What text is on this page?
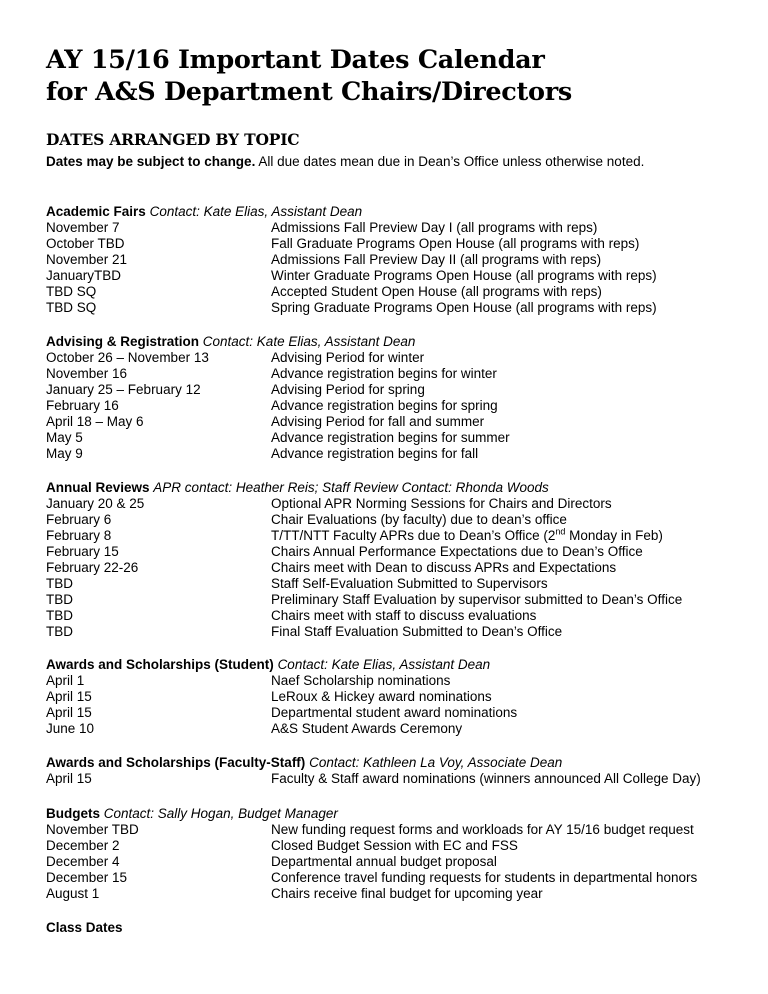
AY 15/16 Important Dates Calendar
for A&S Department Chairs/Directors
DATES ARRANGED BY TOPIC
Dates may be subject to change. All due dates mean due in Dean’s Office unless otherwise noted.
Academic Fairs Contact: Kate Elias, Assistant Dean
November 7	Admissions Fall Preview Day I (all programs with reps)
October TBD	Fall Graduate Programs Open House (all programs with reps)
November 21	Admissions Fall Preview Day II (all programs with reps)
JanuaryTBD	Winter Graduate Programs Open House (all programs with reps)
TBD SQ	Accepted Student Open House (all programs with reps)
TBD SQ	Spring Graduate Programs Open House (all programs with reps)
Advising & Registration Contact: Kate Elias, Assistant Dean
October 26 – November 13	Advising Period for winter
November 16	Advance registration begins for winter
January 25 – February 12	Advising Period for spring
February 16	Advance registration begins for spring
April 18 – May 6	Advising Period for fall and summer
May 5	Advance registration begins for summer
May 9	Advance registration begins for fall
Annual Reviews APR contact: Heather Reis; Staff Review Contact: Rhonda Woods
January 20 & 25	Optional APR Norming Sessions for Chairs and Directors
February 6	Chair Evaluations (by faculty) due to dean’s office
February 8	T/TT/NTT Faculty APRs due to Dean’s Office (2nd Monday in Feb)
February 15	Chairs Annual Performance Expectations due to Dean’s Office
February 22-26	Chairs meet with Dean to discuss APRs and Expectations
TBD	Staff Self-Evaluation Submitted to Supervisors
TBD	Preliminary Staff Evaluation by supervisor submitted to Dean’s Office
TBD	Chairs meet with staff to discuss evaluations
TBD	Final Staff Evaluation Submitted to Dean’s Office
Awards and Scholarships (Student) Contact: Kate Elias, Assistant Dean
April 1	Naef Scholarship nominations
April 15	LeRoux & Hickey award nominations
April 15	Departmental student award nominations
June 10	A&S Student Awards Ceremony
Awards and Scholarships (Faculty-Staff) Contact: Kathleen La Voy, Associate Dean
April 15	Faculty & Staff award nominations (winners announced All College Day)
Budgets Contact: Sally Hogan, Budget Manager
November TBD	New funding request forms and workloads for AY 15/16 budget request
December 2	Closed Budget Session with EC and FSS
December 4	Departmental annual budget proposal
December 15	Conference travel funding requests for students in departmental honors
August 1	Chairs receive final budget for upcoming year
Class Dates
